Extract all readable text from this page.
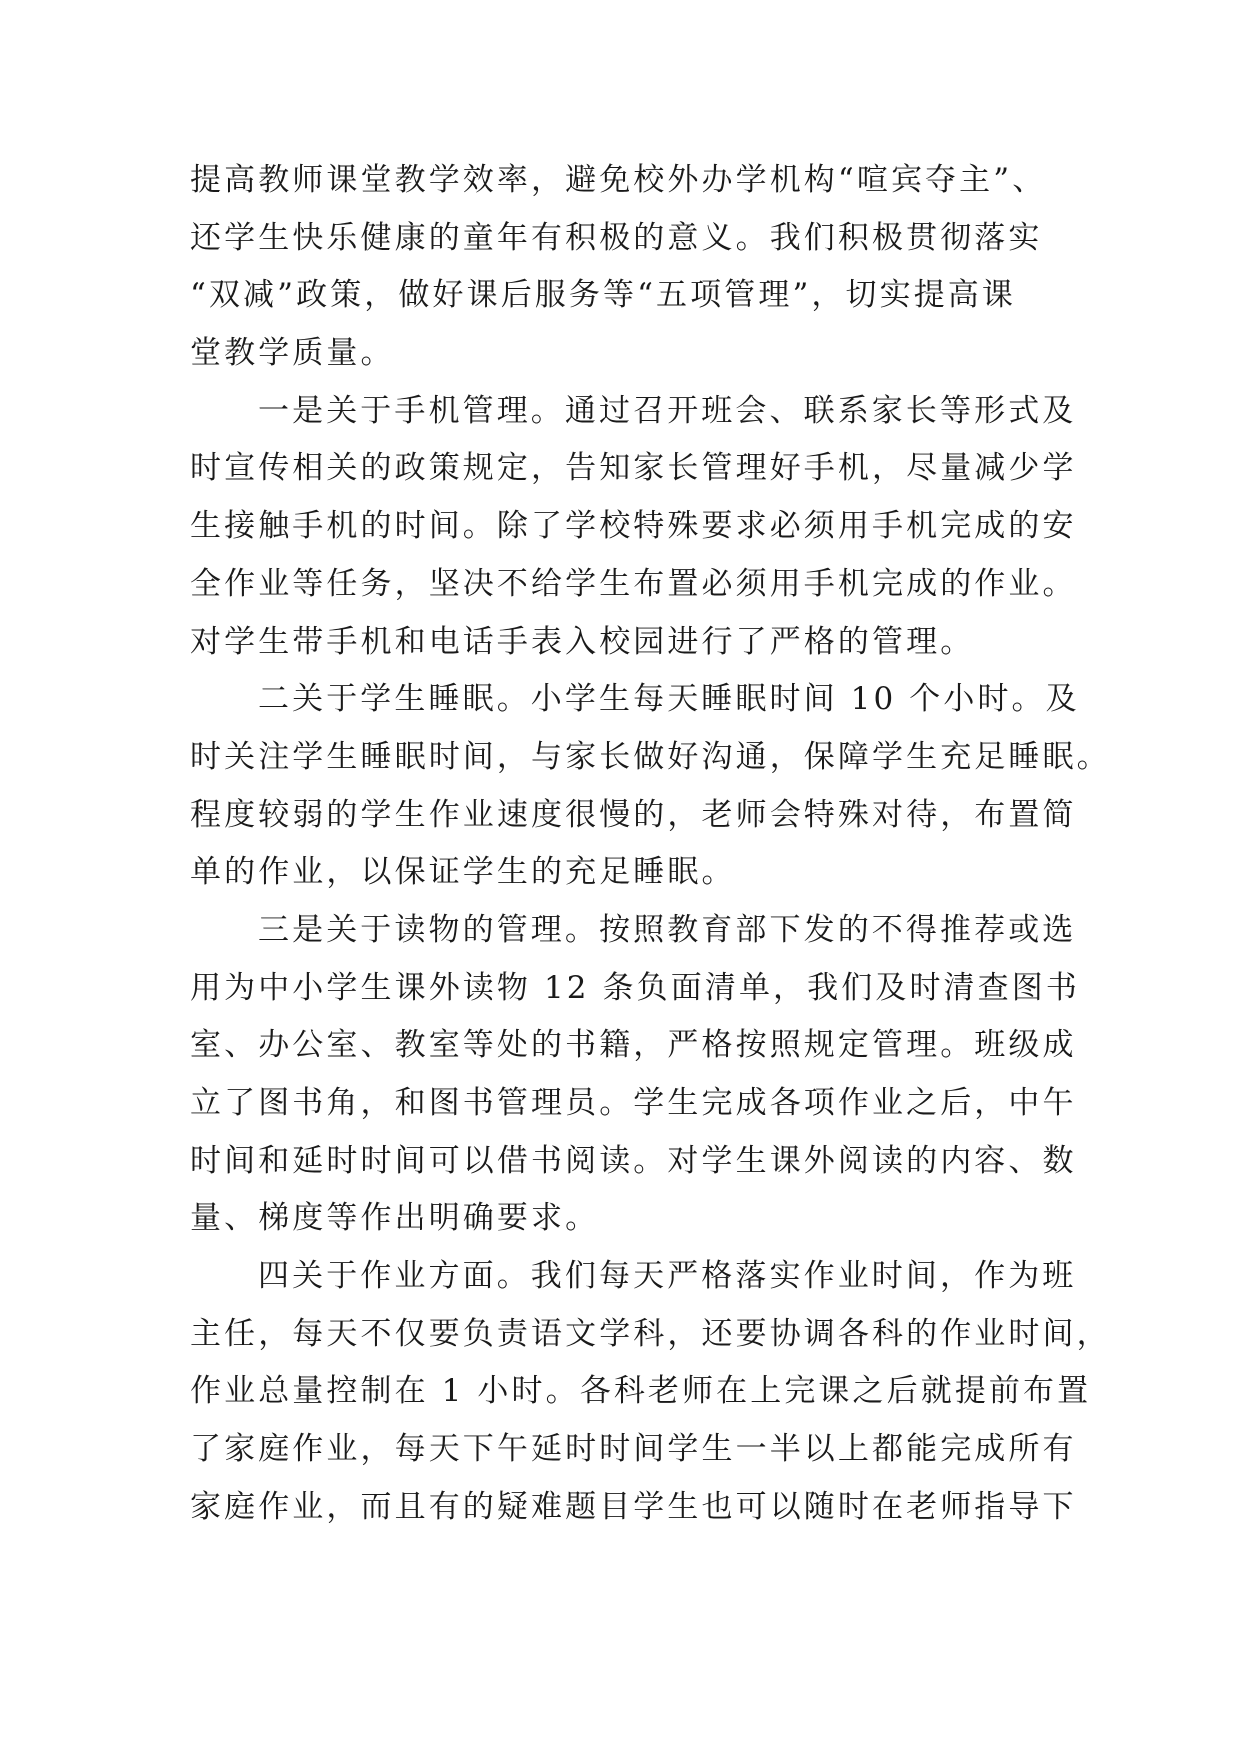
提高教师课堂教学效率，避免校外办学机构“喧宾夺主”、
还学生快乐健康的童年有积极的意义。我们积极贯彻落实
“双减”政策，做好课后服务等“五项管理”，切实提高课
堂教学质量。
一是关于手机管理。通过召开班会、联系家长等形式及
时宣传相关的政策规定，告知家长管理好手机，尽量减少学
生接触手机的时间。除了学校特殊要求必须用手机完成的安
全作业等任务，坚决不给学生布置必须用手机完成的作业。
对学生带手机和电话手表入校园进行了严格的管理。
二关于学生睡眠。小学生每天睡眠时间 10 个小时。及
时关注学生睡眠时间，与家长做好沟通，保障学生充足睡眠。
程度较弱的学生作业速度很慢的，老师会特殊对待，布置简
单的作业，以保证学生的充足睡眠。
三是关于读物的管理。按照教育部下发的不得推荐或选
用为中小学生课外读物 12 条负面清单，我们及时清查图书
室、办公室、教室等处的书籍，严格按照规定管理。班级成
立了图书角，和图书管理员。学生完成各项作业之后，中午
时间和延时时间可以借书阅读。对学生课外阅读的内容、数
量、梯度等作出明确要求。
四关于作业方面。我们每天严格落实作业时间，作为班
主任，每天不仅要负责语文学科，还要协调各科的作业时间，
作业总量控制在 1 小时。各科老师在上完课之后就提前布置
了家庭作业，每天下午延时时间学生一半以上都能完成所有
家庭作业，而且有的疑难题目学生也可以随时在老师指导下
